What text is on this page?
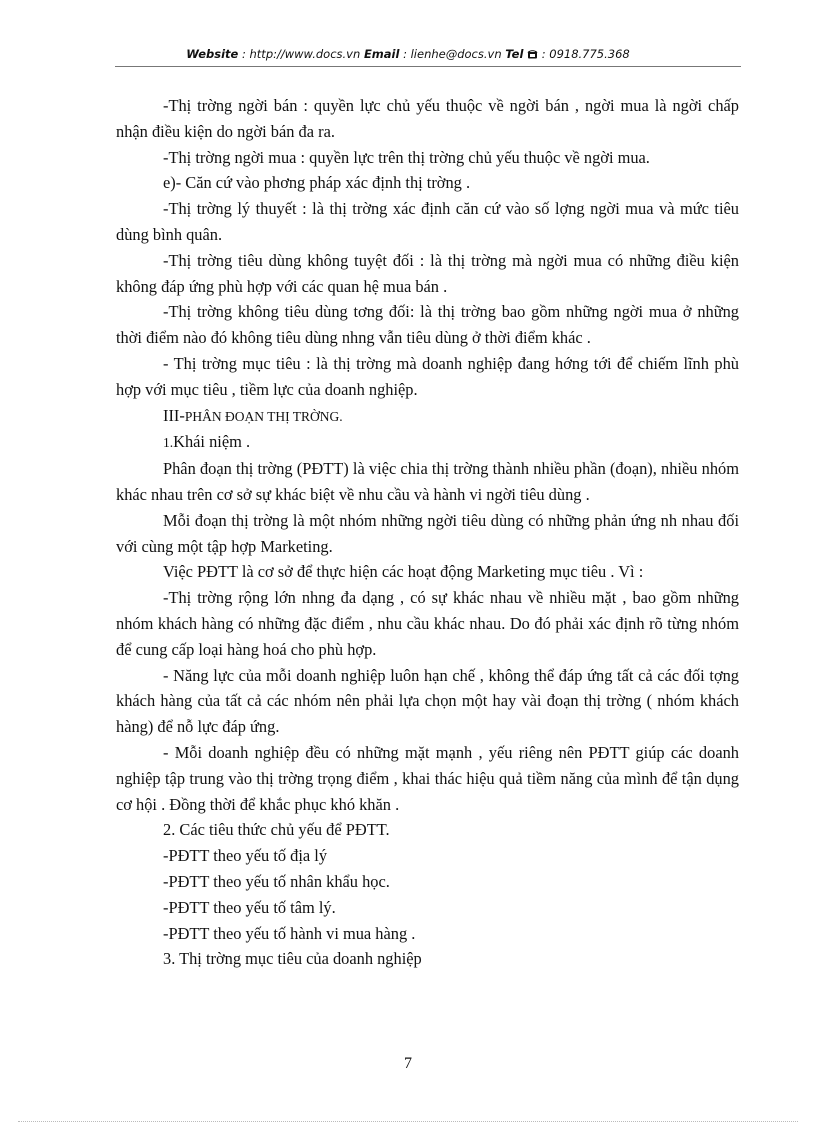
Website : http://www.docs.vn Email : lienhe@docs.vn Tel : 0918.775.368

-Thị trờng ngời bán : quyền lực chủ yếu thuộc về ngời bán , ngời mua là ngời chấp nhận điều kiện do ngời bán đa ra.

-Thị trờng ngời mua : quyền lực trên thị trờng chủ yếu thuộc về ngời mua.

e)- Căn cứ vào phơng pháp xác định thị trờng .

-Thị trờng lý thuyết : là thị trờng xác định căn cứ vào số lợng ngời mua và mức tiêu dùng bình quân.

-Thị trờng tiêu dùng không tuyệt đối : là thị trờng mà ngời mua có những điều kiện không đáp ứng phù hợp với các quan hệ mua bán .

-Thị trờng không tiêu dùng tơng đối: là thị trờng bao gồm những ngời mua ở những thời điểm nào đó không tiêu dùng nhng vẫn tiêu dùng ở thời điểm khác .

- Thị trờng mục tiêu : là thị trờng mà doanh nghiệp đang hớng tới để chiếm lĩnh phù hợp với mục tiêu , tiềm lực của doanh nghiệp.

III-PHÂN ĐOẠN THỊ TRỜNG.

1.Khái niệm .

Phân đoạn thị trờng (PĐTT) là việc chia thị trờng thành nhiều phần (đoạn), nhiều nhóm khác nhau trên cơ sở sự khác biệt về nhu cầu và hành vi ngời tiêu dùng .

Mỗi đoạn thị trờng là một nhóm những ngời tiêu dùng có những phản ứng nh nhau đối với cùng một tập hợp Marketing.

Việc PĐTT là cơ sở để thực hiện các hoạt động Marketing mục tiêu . Vì :

-Thị trờng rộng lớn nhng đa dạng , có sự khác nhau về nhiều mặt , bao gồm những nhóm khách hàng có những đặc điểm , nhu cầu khác nhau. Do đó phải xác định rõ từng nhóm để cung cấp loại hàng hoá cho phù hợp.

- Năng lực của mỗi doanh nghiệp luôn hạn chế , không thể đáp ứng tất cả các đối tợng khách hàng của tất cả các nhóm nên phải lựa chọn một hay vài đoạn thị trờng ( nhóm khách hàng) để nỗ lực đáp ứng.

- Mỗi doanh nghiệp đều có những mặt mạnh , yếu riêng nên PĐTT giúp các doanh nghiệp tập trung vào thị trờng trọng điểm , khai thác hiệu quả tiềm năng của mình để tận dụng cơ hội . Đồng thời để khắc phục khó khăn .

2. Các tiêu thức chủ yếu để PĐTT.

-PĐTT theo yếu tố địa lý

-PĐTT theo yếu tố nhân khẩu học.

-PĐTT theo yếu tố tâm lý.

-PĐTT theo yếu tố hành vi mua hàng .

3. Thị trờng mục tiêu của doanh nghiệp

7
